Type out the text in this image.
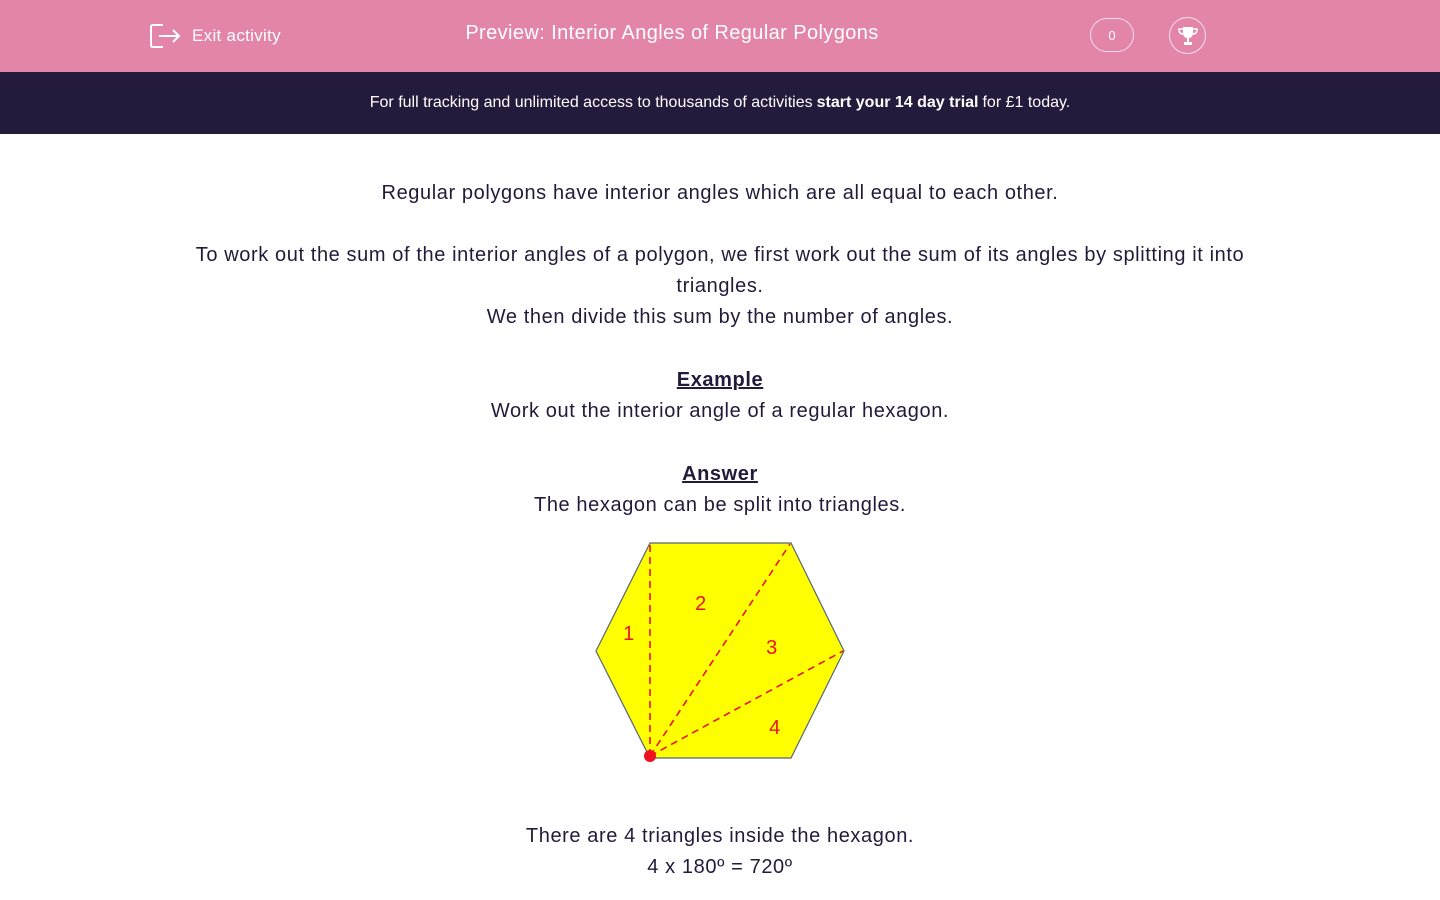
Exit activity	Preview: Interior Angles of Regular Polygons	0
For full tracking and unlimited access to thousands of activities start your 14 day trial for £1 today.

Regular polygons have interior angles which are all equal to each other.

To work out the sum of the interior angles of a polygon, we first work out the sum of its angles by splitting it into triangles.

We then divide this sum by the number of angles.

Example

Work out the interior angle of a regular hexagon.

Answer

The hexagon can be split into triangles.

1
2
3
4

There are 4 triangles inside the hexagon.

4 x 180º = 720º
